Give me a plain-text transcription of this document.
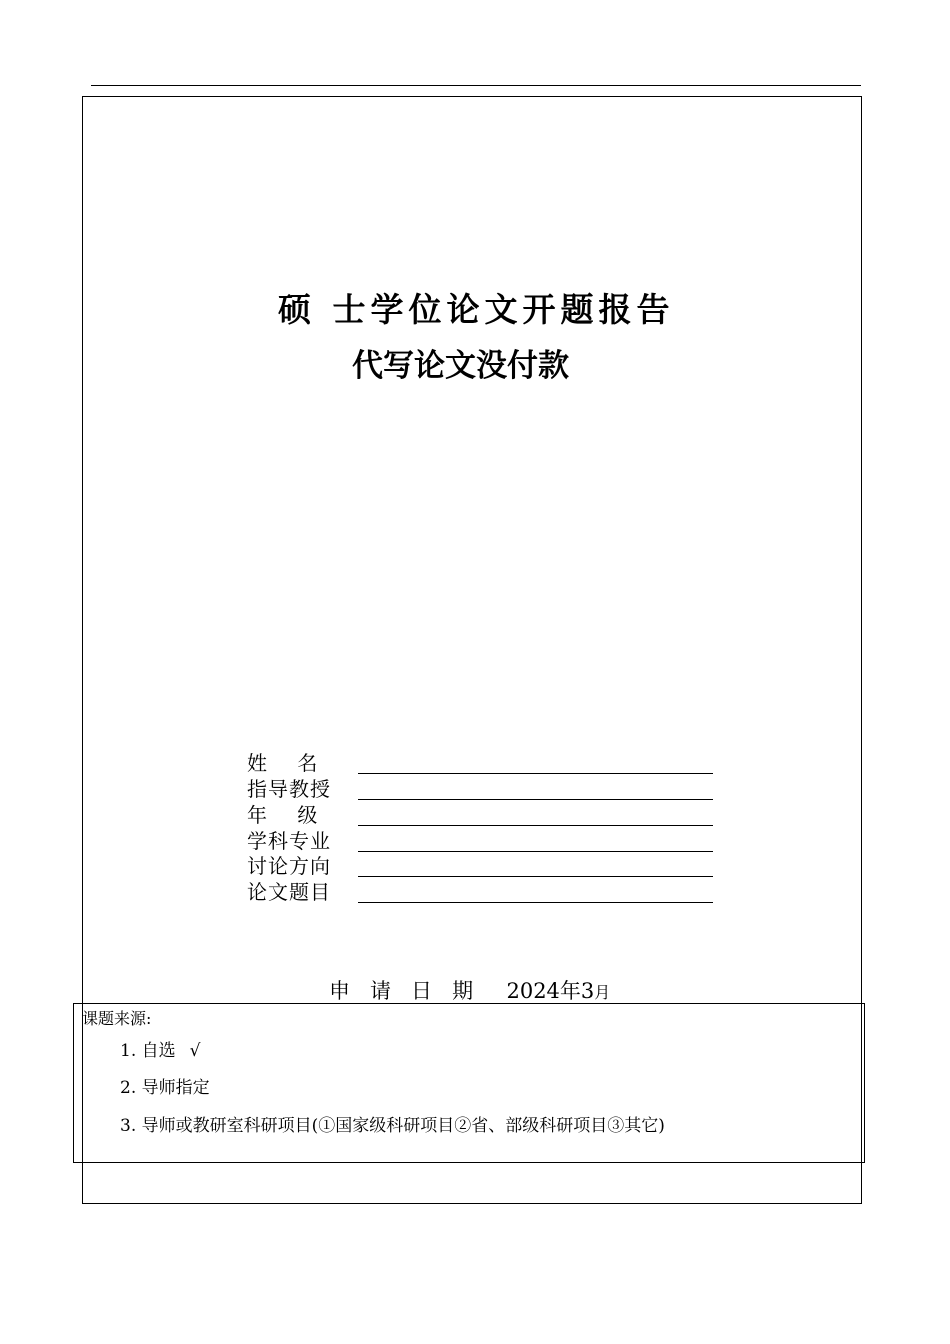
硕 士学位论文开题报告
代写论文没付款
姓    名
指导教授
年    级
学科专业
讨论方向
论文题目
申   请   日   期 2024年3月
课题来源:
1. 自选 √
2. 导师指定
3. 导师或教研室科研项目(①国家级科研项目②省、部级科研项目③其它)
